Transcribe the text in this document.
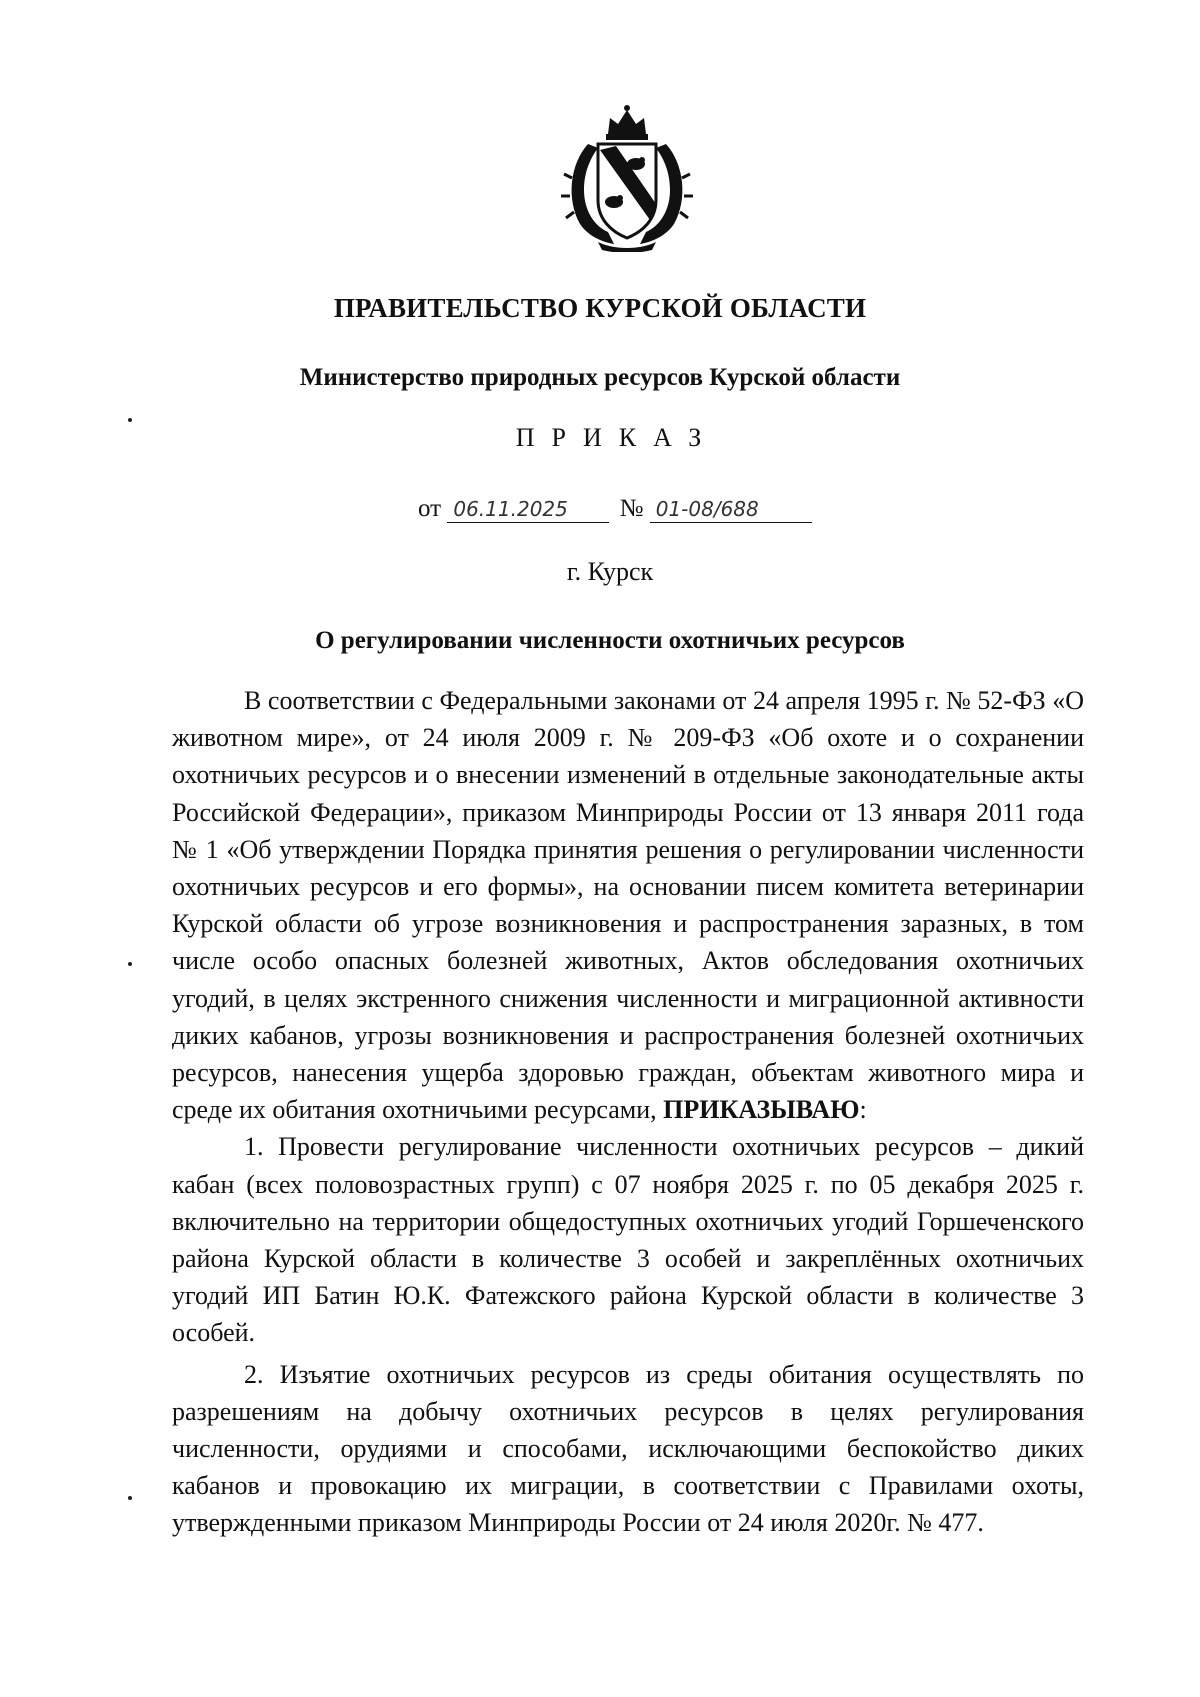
ПРАВИТЕЛЬСТВО КУРСКОЙ ОБЛАСТИ
Министерство природных ресурсов Курской области
ПРИКАЗ
от 06.11.2025 № 01-08/688
г. Курск
О регулировании численности охотничьих ресурсов

В соответствии с Федеральными законами от 24 апреля 1995 г. № 52-ФЗ «О животном мире», от 24 июля 2009 г. № 209-ФЗ «Об охоте и о сохранении охотничьих ресурсов и о внесении изменений в отдельные законодательные акты Российской Федерации», приказом Минприроды России от 13 января 2011 года № 1 «Об утверждении Порядка принятия решения о регулировании численности охотничьих ресурсов и его формы», на основании писем комитета ветеринарии Курской области об угрозе возникновения и распространения заразных, в том числе особо опасных болезней животных, Актов обследования охотничьих угодий, в целях экстренного снижения численности и миграционной активности диких кабанов, угрозы возникновения и распространения болезней охотничьих ресурсов, нанесения ущерба здоровью граждан, объектам животного мира и среде их обитания охотничьими ресурсами, ПРИКАЗЫВАЮ:

1. Провести регулирование численности охотничьих ресурсов – дикий кабан (всех половозрастных групп) с 07 ноября 2025 г. по 05 декабря 2025 г. включительно на территории общедоступных охотничьих угодий Горшеченского района Курской области в количестве 3 особей и закреплённых охотничьих угодий ИП Батин Ю.К. Фатежского района Курской области в количестве 3 особей.

2. Изъятие охотничьих ресурсов из среды обитания осуществлять по разрешениям на добычу охотничьих ресурсов в целях регулирования численности, орудиями и способами, исключающими беспокойство диких кабанов и провокацию их миграции, в соответствии с Правилами охоты, утвержденными приказом Минприроды России от 24 июля 2020г. № 477.
